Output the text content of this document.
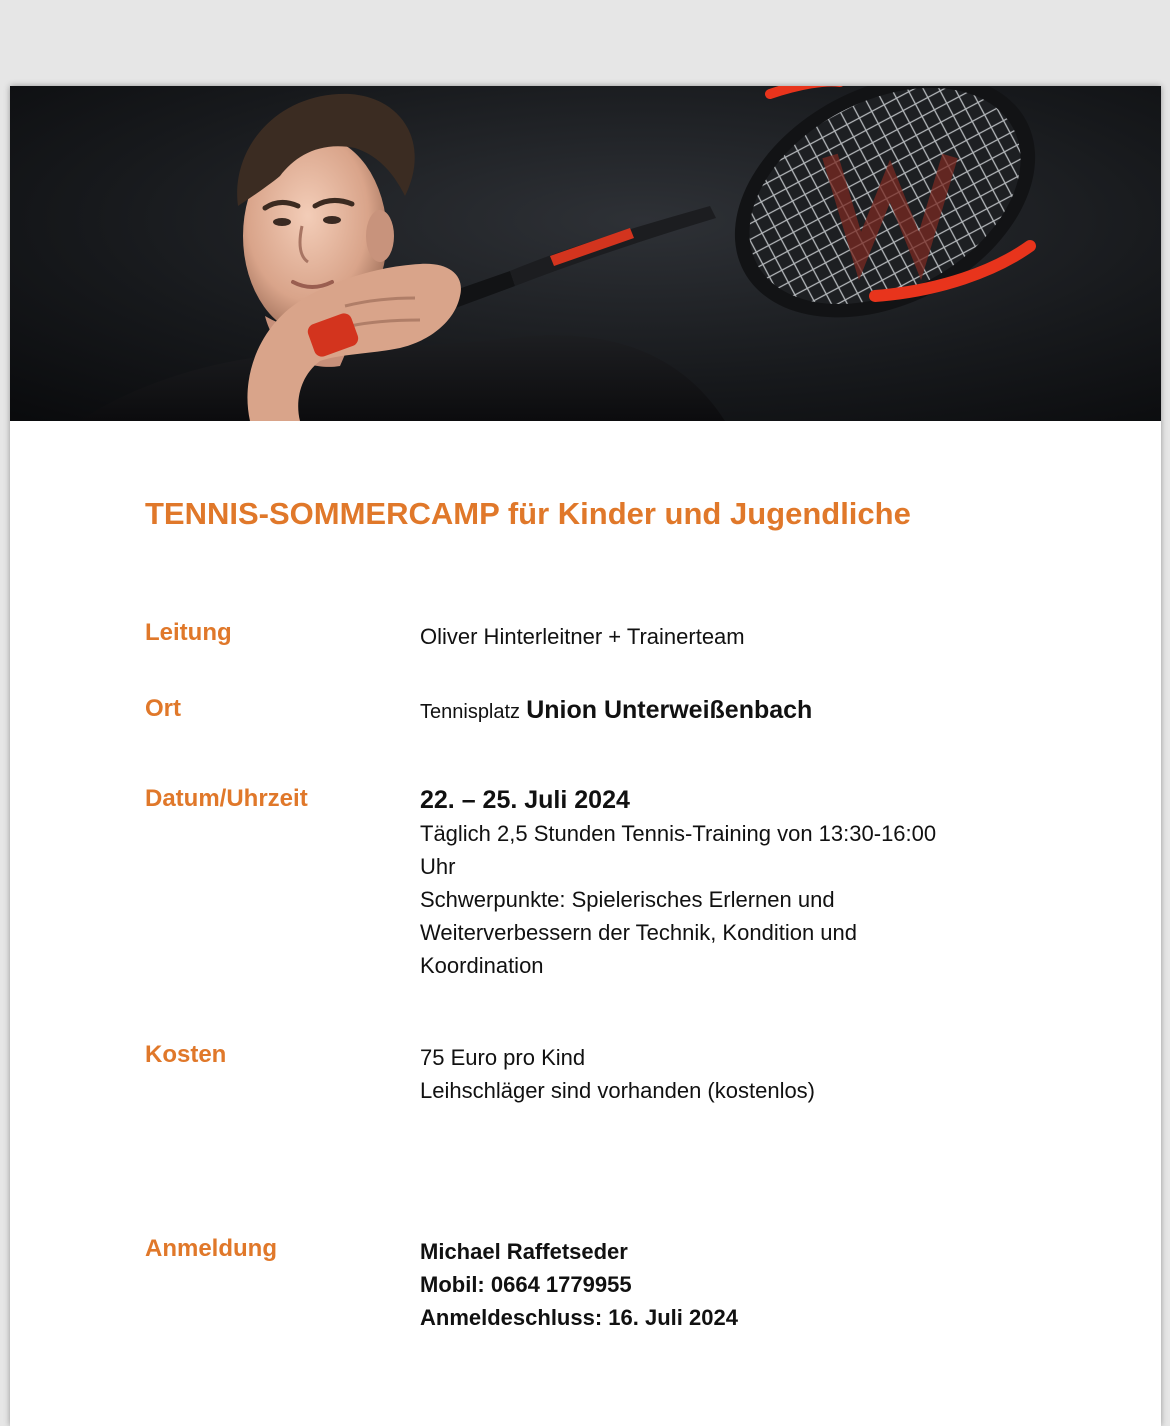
TENNIS-SOMMERCAMP für Kinder und Jugendliche
Leitung	Oliver Hinterleitner + Trainerteam
Ort	Tennisplatz Union Unterweißenbach
Datum/Uhrzeit	22. – 25. Juli 2024
Täglich 2,5 Stunden Tennis-Training von 13:30-16:00
Uhr
Schwerpunkte: Spielerisches Erlernen und
Weiterverbessern der Technik, Kondition und
Koordination
Kosten	75 Euro pro Kind
Leihschläger sind vorhanden (kostenlos)
Anmeldung	Michael Raffetseder
Mobil: 0664 1779955
Anmeldeschluss: 16. Juli 2024
